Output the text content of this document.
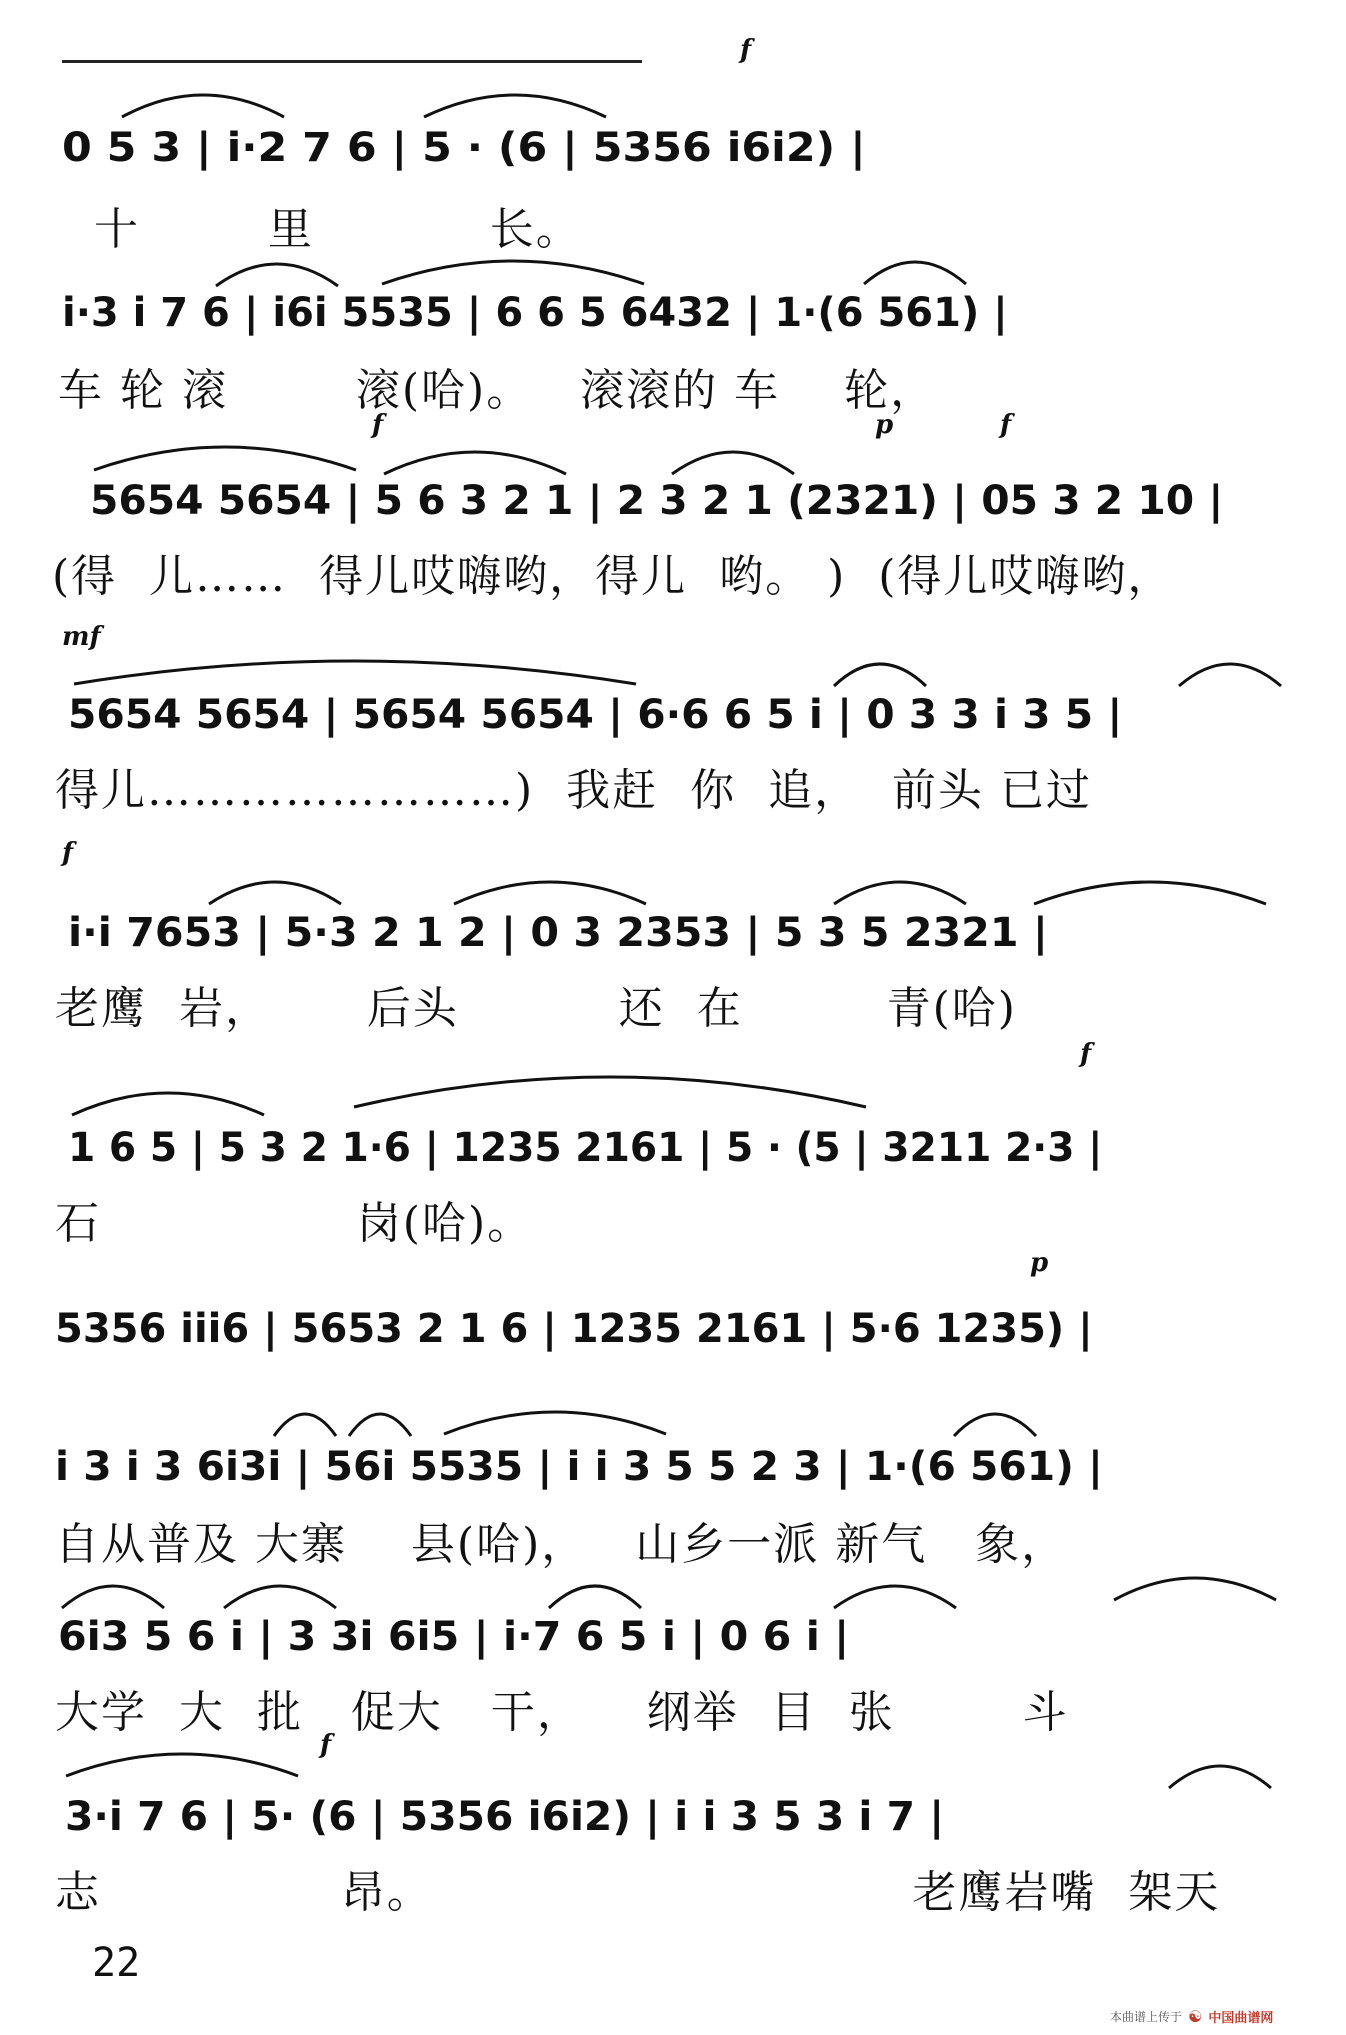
f
0 5 3 | i·2 7 6 | 5 · (6 | 5356 i6i2) |
十        里           长。
i·3 i 7 6 | i6i 5535 | 6 6 5 6432 | 1·(6 561) |
车 轮 滚        滚(哈)。   滚滚的 车    轮，
f	p	f
5654 5654 | 5 6 3 2 1 | 2 3 2 1 (2321) | 05 3 2 10 |
(得  儿……  得儿哎嗨哟，得儿  哟。 )  (得儿哎嗨哟，
mf
5654 5654 | 5654 5654 | 6·6 6 5 i | 0 3 3 i 3 5 |
得儿……………………)  我赶  你  追，  前头 已过
f
i·i 7653 | 5·3 2 1 2 | 0 3 2353 | 5 3 5 2321 |
老鹰  岩，      后头          还  在         青(哈)
f
1 6 5 | 5 3 2 1·6 | 1235 2161 | 5 · (5 | 3211 2·3 |
石                岗(哈)。
p
5356 iii6 | 5653 2 1 6 | 1235 2161 | 5·6 1235) |
i 3 i 3 6i3i | 56i 5535 | i i 3 5 5 2 3 | 1·(6 561) |
自从普及 大寨    县(哈)，   山乡一派 新气   象，
6i3 5 6 i | 3 3i 6i5 | i·7 6 5 i | 0 6 i |
大学  大  批   促大   干，    纲举  目  张        斗
f
3·i 7 6 | 5· (6 | 5356 i6i2) | i i 3 5 3 i 7 |
志               昂。                              老鹰岩嘴  架天
22
本曲谱上传于 ☯ 中国曲谱网
